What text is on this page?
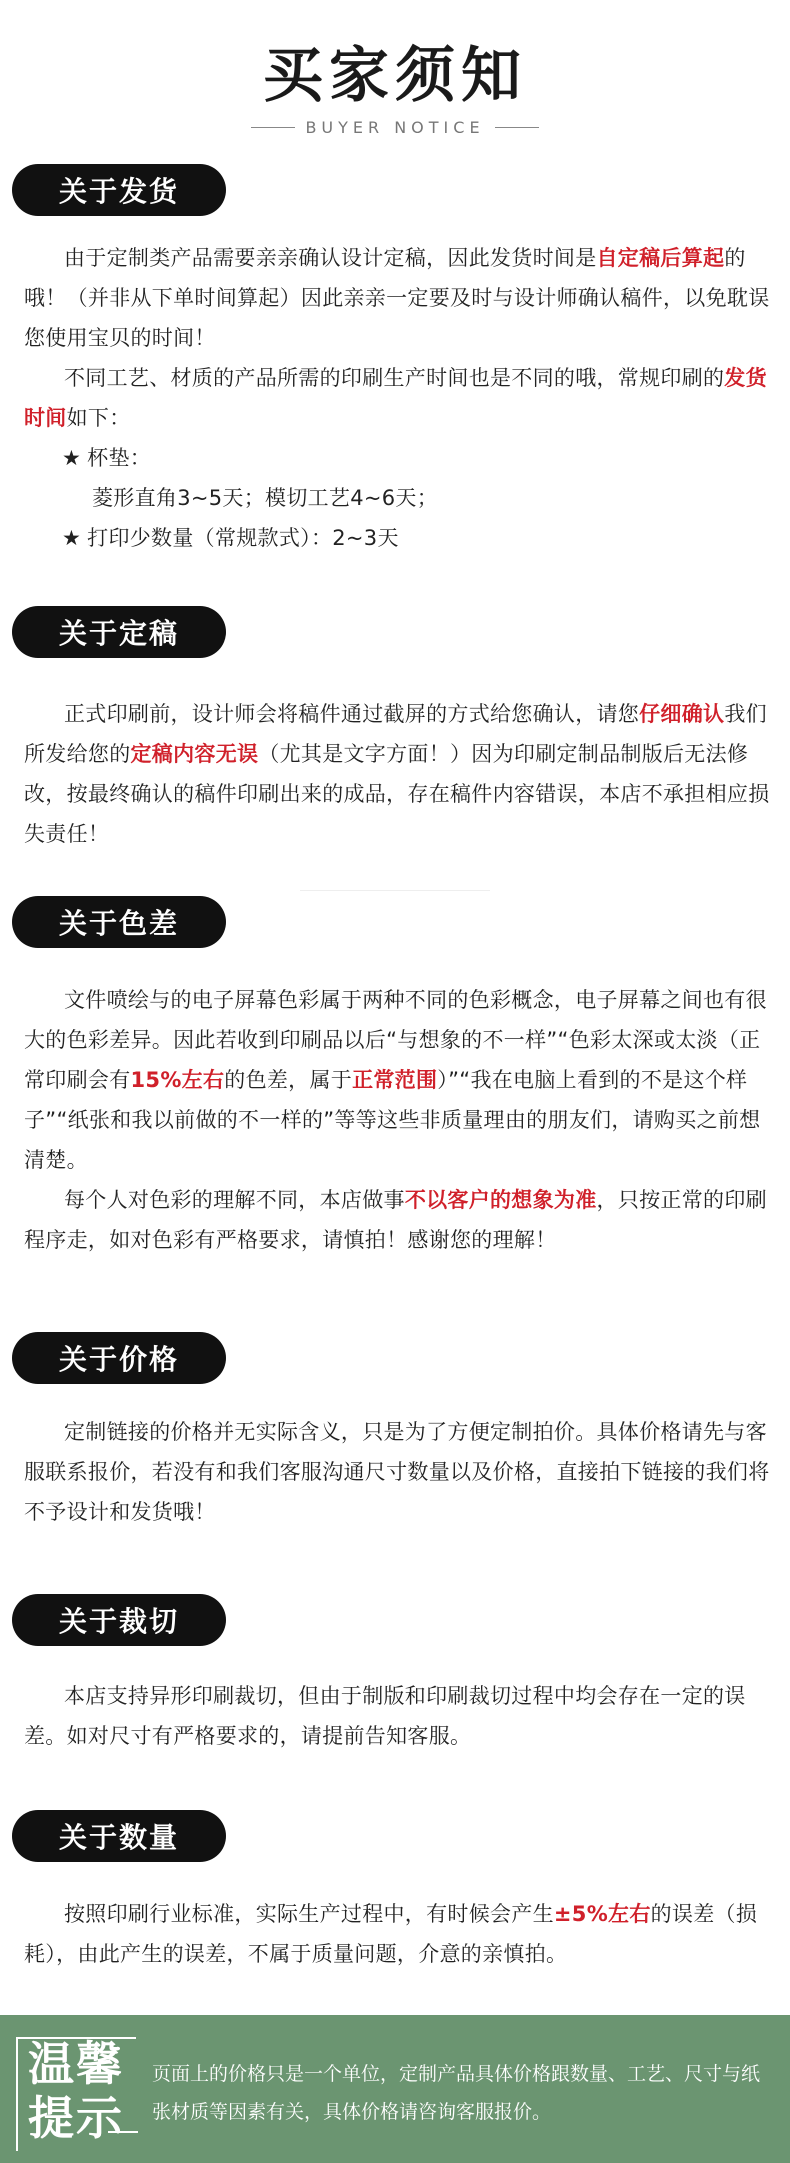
买家须知
BUYER NOTICE
关于发货

由于定制类产品需要亲亲确认设计定稿，因此发货时间是自定稿后算起的哦！（并非从下单时间算起）因此亲亲一定要及时与设计师确认稿件，以免耽误您使用宝贝的时间！

不同工艺、材质的产品所需的印刷生产时间也是不同的哦，常规印刷的发货时间如下：

★ 杯垫：

菱形直角3~5天；模切工艺4~6天；

★ 打印少数量（常规款式）：2~3天

关于定稿

正式印刷前，设计师会将稿件通过截屏的方式给您确认，请您仔细确认我们所发给您的定稿内容无误（尤其是文字方面！）因为印刷定制品制版后无法修改，按最终确认的稿件印刷出来的成品，存在稿件内容错误，本店不承担相应损失责任！

关于色差

文件喷绘与的电子屏幕色彩属于两种不同的色彩概念，电子屏幕之间也有很大的色彩差异。因此若收到印刷品以后“与想象的不一样”“色彩太深或太淡（正常印刷会有15%左右的色差，属于正常范围）”“我在电脑上看到的不是这个样子”“纸张和我以前做的不一样的”等等这些非质量理由的朋友们，请购买之前想清楚。

每个人对色彩的理解不同，本店做事不以客户的想象为准，只按正常的印刷程序走，如对色彩有严格要求，请慎拍！感谢您的理解！

关于价格

定制链接的价格并无实际含义，只是为了方便定制拍价。具体价格请先与客服联系报价，若没有和我们客服沟通尺寸数量以及价格，直接拍下链接的我们将不予设计和发货哦！

关于裁切

本店支持异形印刷裁切，但由于制版和印刷裁切过程中均会存在一定的误差。如对尺寸有严格要求的，请提前告知客服。

关于数量

按照印刷行业标准，实际生产过程中，有时候会产生±5%左右的误差（损耗），由此产生的误差，不属于质量问题，介意的亲慎拍。

温馨
提示
页面上的价格只是一个单位，定制产品具体价格跟数量、工艺、尺寸与纸张材质等因素有关，具体价格请咨询客服报价。
